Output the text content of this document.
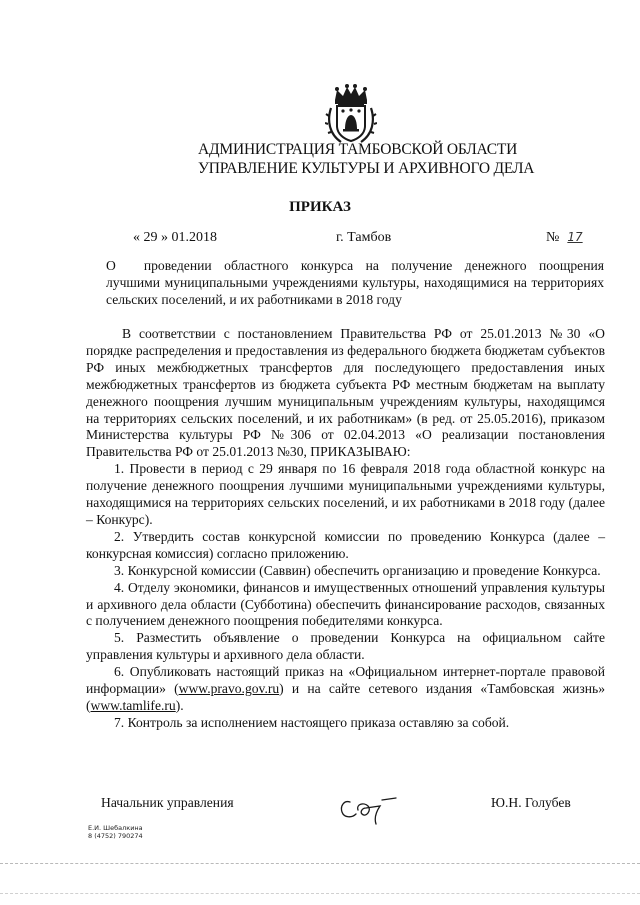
АДМИНИСТРАЦИЯ ТАМБОВСКОЙ ОБЛАСТИ
УПРАВЛЕНИЕ КУЛЬТУРЫ И АРХИВНОГО ДЕЛА
ПРИКАЗ
« 29 » 01.2018	г. Тамбов	№ 17
О проведении областного конкурса на получение денежного поощрения лучшими муниципальными учреждениями культуры, находящимися на территориях сельских поселений, и их работниками в 2018 году

В соответствии с постановлением Правительства РФ от 25.01.2013 №30 «О порядке распределения и предоставления из федерального бюджета бюджетам субъектов РФ иных межбюджетных трансфертов для последующего предоставления иных межбюджетных трансфертов из бюджета субъекта РФ местным бюджетам на выплату денежного поощрения лучшим муниципальным учреждениям культуры, находящимся на территориях сельских поселений, и их работникам» (в ред. от 25.05.2016), приказом Министерства культуры РФ №306 от 02.04.2013 «О реализации постановления Правительства РФ от 25.01.2013 №30, ПРИКАЗЫВАЮ:

1. Провести в период с 29 января по 16 февраля 2018 года областной конкурс на получение денежного поощрения лучшими муниципальными учреждениями культуры, находящимися на территориях сельских поселений, и их работниками в 2018 году (далее – Конкурс).

2. Утвердить состав конкурсной комиссии по проведению Конкурса (далее – конкурсная комиссия) согласно приложению.

3. Конкурсной комиссии (Саввин) обеспечить организацию и проведение Конкурса.

4. Отделу экономики, финансов и имущественных отношений управления культуры и архивного дела области (Субботина) обеспечить финансирование расходов, связанных с получением денежного поощрения победителями конкурса.

5. Разместить объявление о проведении Конкурса на официальном сайте управления культуры и архивного дела области.

6. Опубликовать настоящий приказ на «Официальном интернет-портале правовой информации» (www.pravo.gov.ru) и на сайте сетевого издания «Тамбовская жизнь» (www.tamlife.ru).

7. Контроль за исполнением настоящего приказа оставляю за собой.

Начальник управления	Ю.Н. Голубев
Е.И. Шебалкина
8 (4752) 790274
